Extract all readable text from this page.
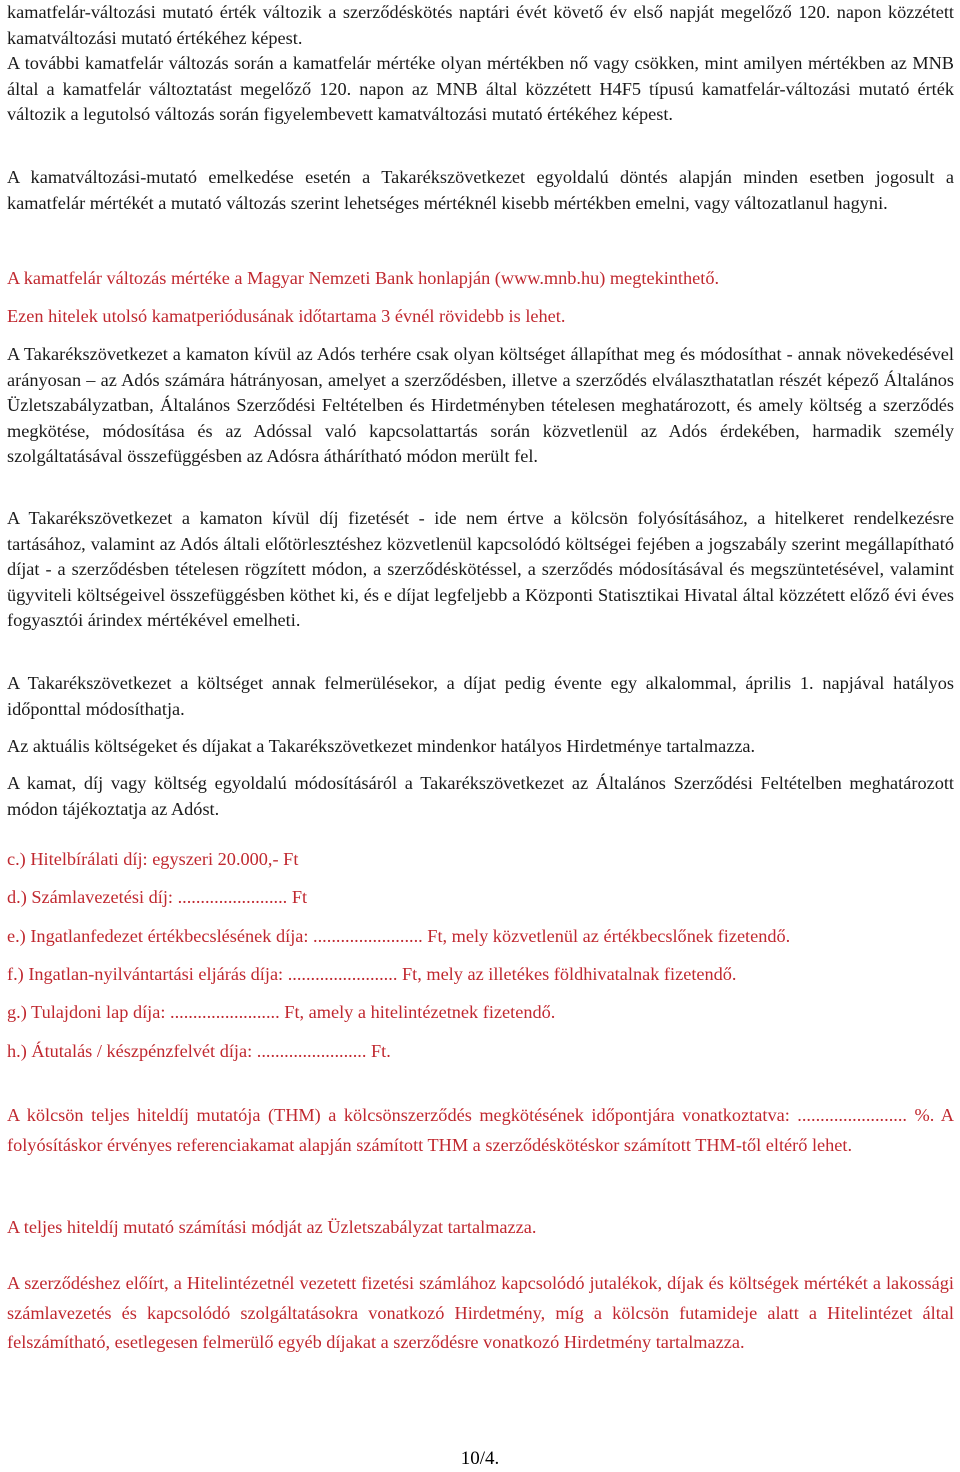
kamatfelár-változási mutató érték változik a szerződéskötés naptári évét követő év első napját megelőző 120. napon közzétett kamatváltozási mutató értékéhez képest.

A további kamatfelár változás során a kamatfelár mértéke olyan mértékben nő vagy csökken, mint amilyen mértékben az MNB által a kamatfelár változtatást megelőző 120. napon az MNB által közzétett H4F5 típusú kamatfelár-változási mutató érték változik a legutolsó változás során figyelembevett kamatváltozási mutató értékéhez képest.

A kamatváltozási-mutató emelkedése esetén a Takarékszövetkezet egyoldalú döntés alapján minden esetben jogosult a kamatfelár mértékét a mutató változás szerint lehetséges mértéknél kisebb mértékben emelni, vagy változatlanul hagyni.

A kamatfelár változás mértéke a Magyar Nemzeti Bank honlapján (www.mnb.hu) megtekinthető.

A Takarékszövetkezet a kamaton kívül az Adós terhére csak olyan költséget állapíthat meg és módosíthat - annak növekedésével arányosan – az Adós számára hátrányosan, amelyet a szerződésben, illetve a szerződés elválaszthatatlan részét képező Általános Üzletszabályzatban, Általános Szerződési Feltételben és Hirdetményben tételesen meghatározott, és amely költség a szerződés megkötése, módosítása és az Adóssal való kapcsolattartás során közvetlenül az Adós érdekében, harmadik személy szolgáltatásával összefüggésben az Adósra áthárítható módon merült fel.

A Takarékszövetkezet a kamaton kívül díj fizetését - ide nem értve a kölcsön folyósításához, a hitelkeret rendelkezésre tartásához, valamint az Adós általi előtörlesztéshez közvetlenül kapcsolódó költségei fejében a jogszabály szerint megállapítható díjat - a szerződésben tételesen rögzített módon, a szerződéskötéssel, a szerződés módosításával és megszüntetésével, valamint ügyviteli költségeivel összefüggésben köthet ki, és e díjat legfeljebb a Központi Statisztikai Hivatal által közzétett előző évi éves fogyasztói árindex mértékével emelheti.

A Takarékszövetkezet a költséget annak felmerülésekor, a díjat pedig évente egy alkalommal, április 1. napjával hatályos időponttal módosíthatja.

Az aktuális költségeket és díjakat a Takarékszövetkezet mindenkor hatályos Hirdetménye tartalmazza.

A kamat, díj vagy költség egyoldalú módosításáról a Takarékszövetkezet az Általános Szerződési Feltételben meghatározott módon tájékoztatja az Adóst.

c.) Hitelbírálati díj: egyszeri 20.000,- Ft

d.) Számlavezetési díj: ........................ Ft

e.) Ingatlanfedezet értékbecslésének díja: ........................ Ft, mely közvetlenül az értékbecslőnek fizetendő.

f.) Ingatlan-nyilvántartási eljárás díja: ........................ Ft, mely az illetékes földhivatalnak fizetendő.

g.) Tulajdoni lap díja: ........................ Ft, amely a hitelintézetnek fizetendő.

h.) Átutalás / készpénzfelvét díja: ........................ Ft.

A kölcsön teljes hiteldíj mutatója (THM) a kölcsönszerződés megkötésének időpontjára vonatkoztatva: ........................ %. A folyósításkor érvényes referenciakamat alapján számított THM a szerződéskötéskor számított THM-től eltérő lehet.

A teljes hiteldíj mutató számítási módját az Üzletszabályzat tartalmazza.

A szerződéshez előírt, a Hitelintézetnél vezetett fizetési számlához kapcsolódó jutalékok, díjak és költségek mértékét a lakossági számlavezetés és kapcsolódó szolgáltatásokra vonatkozó Hirdetmény, míg a kölcsön futamideje alatt a Hitelintézet által felszámítható, esetlegesen felmerülő egyéb díjakat a szerződésre vonatkozó Hirdetmény tartalmazza.

Ezen hitelek utolsó kamatperiódusának időtartama 3 évnél rövidebb is lehet.

10/4.
